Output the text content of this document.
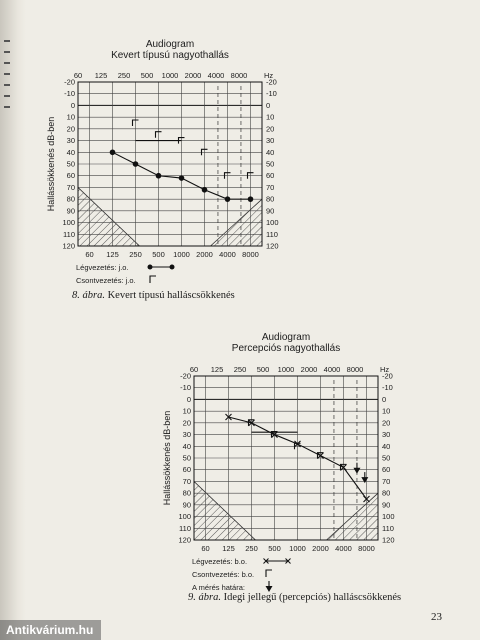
Audiogram
Kevert típusú nagyothallás
60 125 250 500 1000 2000 4000 8000 Hz
60 125 250 500 1000 2000 4000 8000
-20	-20
-10	-10
0	0
10	10
20	20
30	30
40	40
50	50
60	60
70	70
80	80
90	90
100	100
110	110
120	120
Hallássökkenés dB-ben
Légvezetés: j.o.
Csontvezetés: j.o.
8. ábra. Kevert típusú halláscsökkenés
Audiogram
Percepciós nagyothallás
60 125 250 500 1000 2000 4000 8000 Hz
60 125 250 500 1000 2000 4000 8000
-20	-20
-10	-10
0	0
10	10
20	20
30	30
40	40
50	50
60	60
70	70
80	80
90	90
100	100
110	110
120	120
Hallássökkenés dB-ben
Légvezetés: b.o.
Csontvezetés: b.o.
A mérés határa:
9. ábra. Idegi jellegű (percepciós) halláscsökkenés
23
Antikvárium.hu
